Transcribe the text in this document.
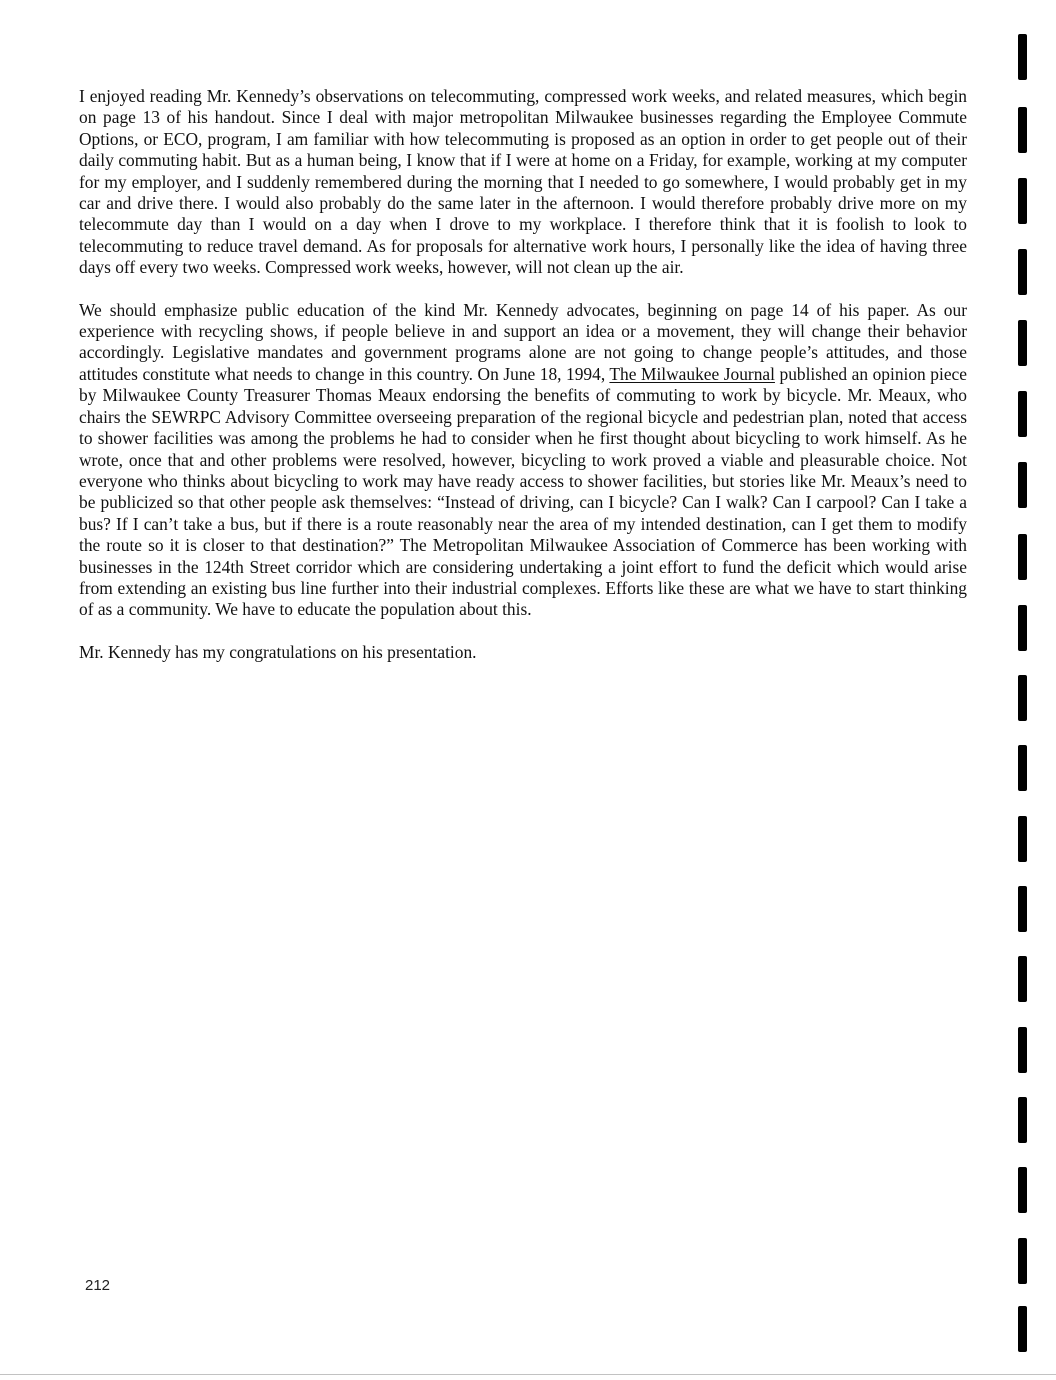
I enjoyed reading Mr. Kennedy’s observations on telecommuting, compressed work weeks, and related measures, which begin on page 13 of his handout. Since I deal with major metropolitan Milwaukee businesses regarding the Employee Commute Options, or ECO, program, I am familiar with how telecommuting is proposed as an option in order to get people out of their daily commuting habit. But as a human being, I know that if I were at home on a Friday, for example, working at my computer for my employer, and I suddenly remembered during the morning that I needed to go somewhere, I would probably get in my car and drive there. I would also probably do the same later in the afternoon. I would therefore probably drive more on my telecommute day than I would on a day when I drove to my workplace. I therefore think that it is foolish to look to telecommuting to reduce travel demand. As for proposals for alternative work hours, I personally like the idea of having three days off every two weeks. Compressed work weeks, however, will not clean up the air.

We should emphasize public education of the kind Mr. Kennedy advocates, beginning on page 14 of his paper. As our experience with recycling shows, if people believe in and support an idea or a movement, they will change their behavior accordingly. Legislative mandates and government programs alone are not going to change people’s attitudes, and those attitudes constitute what needs to change in this country. On June 18, 1994, The Milwaukee Journal published an opinion piece by Milwaukee County Treasurer Thomas Meaux endorsing the benefits of commuting to work by bicycle. Mr. Meaux, who chairs the SEWRPC Advisory Committee overseeing preparation of the regional bicycle and pedestrian plan, noted that access to shower facilities was among the problems he had to consider when he first thought about bicycling to work himself. As he wrote, once that and other problems were resolved, however, bicycling to work proved a viable and pleasurable choice. Not everyone who thinks about bicycling to work may have ready access to shower facilities, but stories like Mr. Meaux’s need to be publicized so that other people ask themselves: “Instead of driving, can I bicycle? Can I walk? Can I carpool? Can I take a bus? If I can’t take a bus, but if there is a route reasonably near the area of my intended destination, can I get them to modify the route so it is closer to that destination?” The Metropolitan Milwaukee Association of Commerce has been working with businesses in the 124th Street corridor which are considering undertaking a joint effort to fund the deficit which would arise from extending an existing bus line further into their industrial complexes. Efforts like these are what we have to start thinking of as a community. We have to educate the population about this.

Mr. Kennedy has my congratulations on his presentation.

212
